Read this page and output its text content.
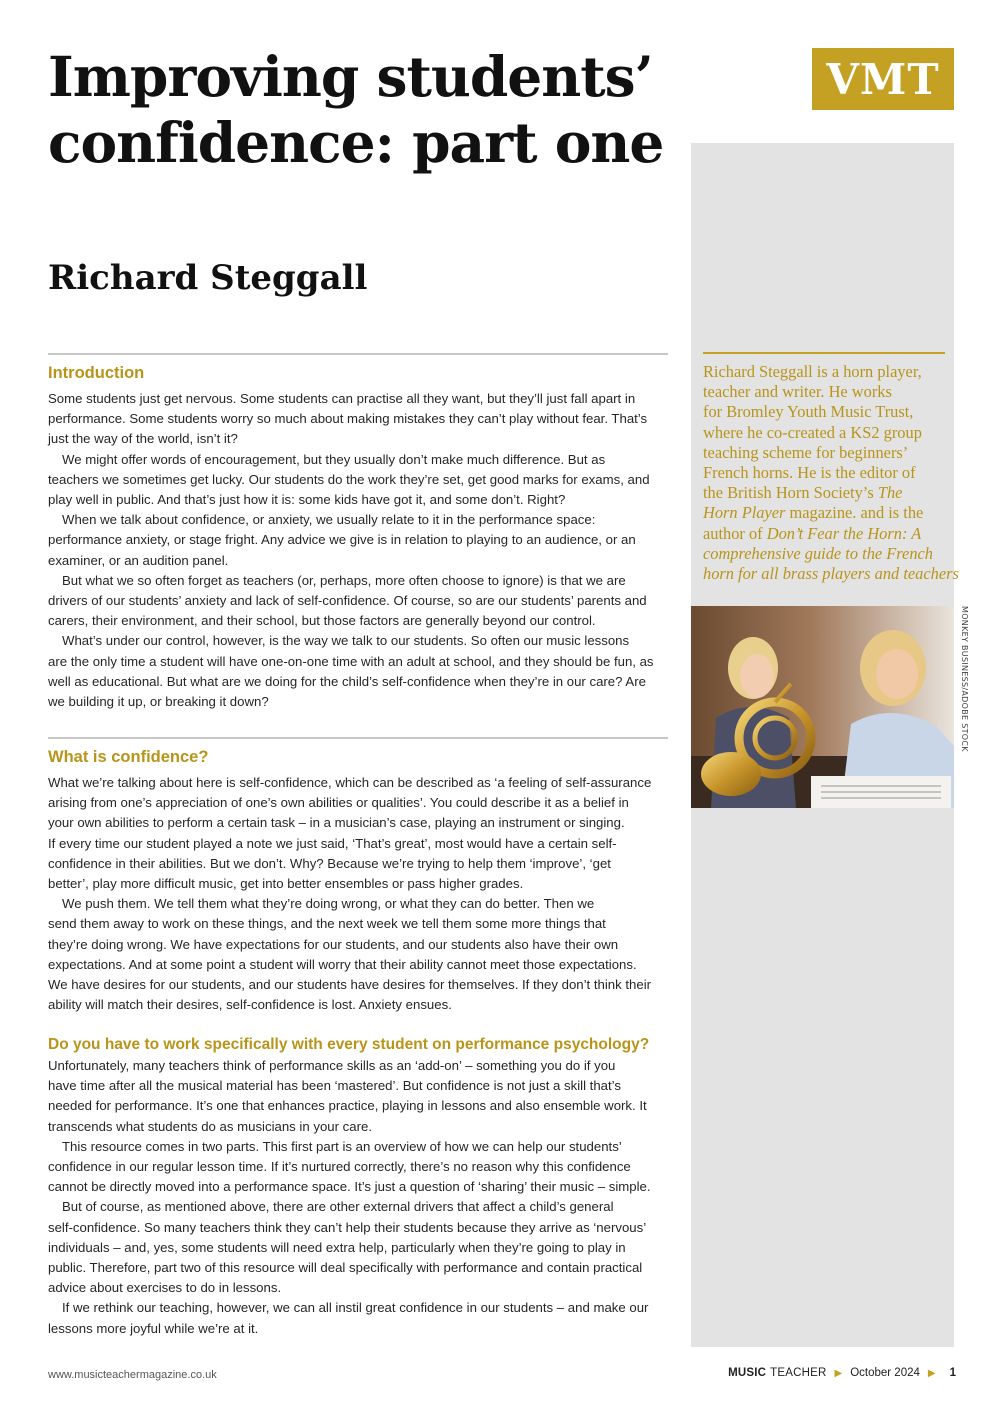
Improving students’
confidence: part one
Richard Steggall
VMT

Richard Steggall is a horn player,
teacher and writer. He works
for Bromley Youth Music Trust,
where he co-created a KS2 group
teaching scheme for beginners’
French horns. He is the editor of
the British Horn Society’s The
Horn Player magazine. and is the
author of Don’t Fear the Horn: A
comprehensive guide to the French
horn for all brass players and teachers

MONKEY BUSINESS/ADOBE STOCK
Introduction

Some students just get nervous. Some students can practise all they want, but they’ll just fall apart in
performance. Some students worry so much about making mistakes they can’t play without fear. That’s
just the way of the world, isn’t it?

We might offer words of encouragement, but they usually don’t make much difference. But as
teachers we sometimes get lucky. Our students do the work they’re set, get good marks for exams, and
play well in public. And that’s just how it is: some kids have got it, and some don’t. Right?

When we talk about confidence, or anxiety, we usually relate to it in the performance space:
performance anxiety, or stage fright. Any advice we give is in relation to playing to an audience, or an
examiner, or an audition panel.

But what we so often forget as teachers (or, perhaps, more often choose to ignore) is that we are
drivers of our students’ anxiety and lack of self-confidence. Of course, so are our students’ parents and
carers, their environment, and their school, but those factors are generally beyond our control.

What’s under our control, however, is the way we talk to our students. So often our music lessons
are the only time a student will have one-on-one time with an adult at school, and they should be fun, as
well as educational. But what are we doing for the child’s self-confidence when they’re in our care? Are
we building it up, or breaking it down?

What is confidence?

What we’re talking about here is self-confidence, which can be described as ‘a feeling of self-assurance
arising from one’s appreciation of one’s own abilities or qualities’. You could describe it as a belief in
your own abilities to perform a certain task – in a musician’s case, playing an instrument or singing.
If every time our student played a note we just said, ‘That’s great’, most would have a certain self-
confidence in their abilities. But we don’t. Why? Because we’re trying to help them ‘improve’, ‘get
better’, play more difficult music, get into better ensembles or pass higher grades.

We push them. We tell them what they’re doing wrong, or what they can do better. Then we
send them away to work on these things, and the next week we tell them some more things that
they’re doing wrong. We have expectations for our students, and our students also have their own
expectations. And at some point a student will worry that their ability cannot meet those expectations.
We have desires for our students, and our students have desires for themselves. If they don’t think their
ability will match their desires, self-confidence is lost. Anxiety ensues.

Do you have to work specifically with every student on performance psychology?

Unfortunately, many teachers think of performance skills as an ‘add-on’ – something you do if you
have time after all the musical material has been ‘mastered’. But confidence is not just a skill that’s
needed for performance. It’s one that enhances practice, playing in lessons and also ensemble work. It
transcends what students do as musicians in your care.

This resource comes in two parts. This first part is an overview of how we can help our students’
confidence in our regular lesson time. If it’s nurtured correctly, there’s no reason why this confidence
cannot be directly moved into a performance space. It’s just a question of ‘sharing’ their music – simple.

But of course, as mentioned above, there are other external drivers that affect a child’s general
self-confidence. So many teachers think they can’t help their students because they arrive as ‘nervous’
individuals – and, yes, some students will need extra help, particularly when they’re going to play in
public. Therefore, part two of this resource will deal specifically with performance and contain practical
advice about exercises to do in lessons.

If we rethink our teaching, however, we can all instil great confidence in our students – and make our
lessons more joyful while we’re at it.

www.musicteachermagazine.co.uk	MUSIC TEACHER ▶ October 2024 ▶ 1
